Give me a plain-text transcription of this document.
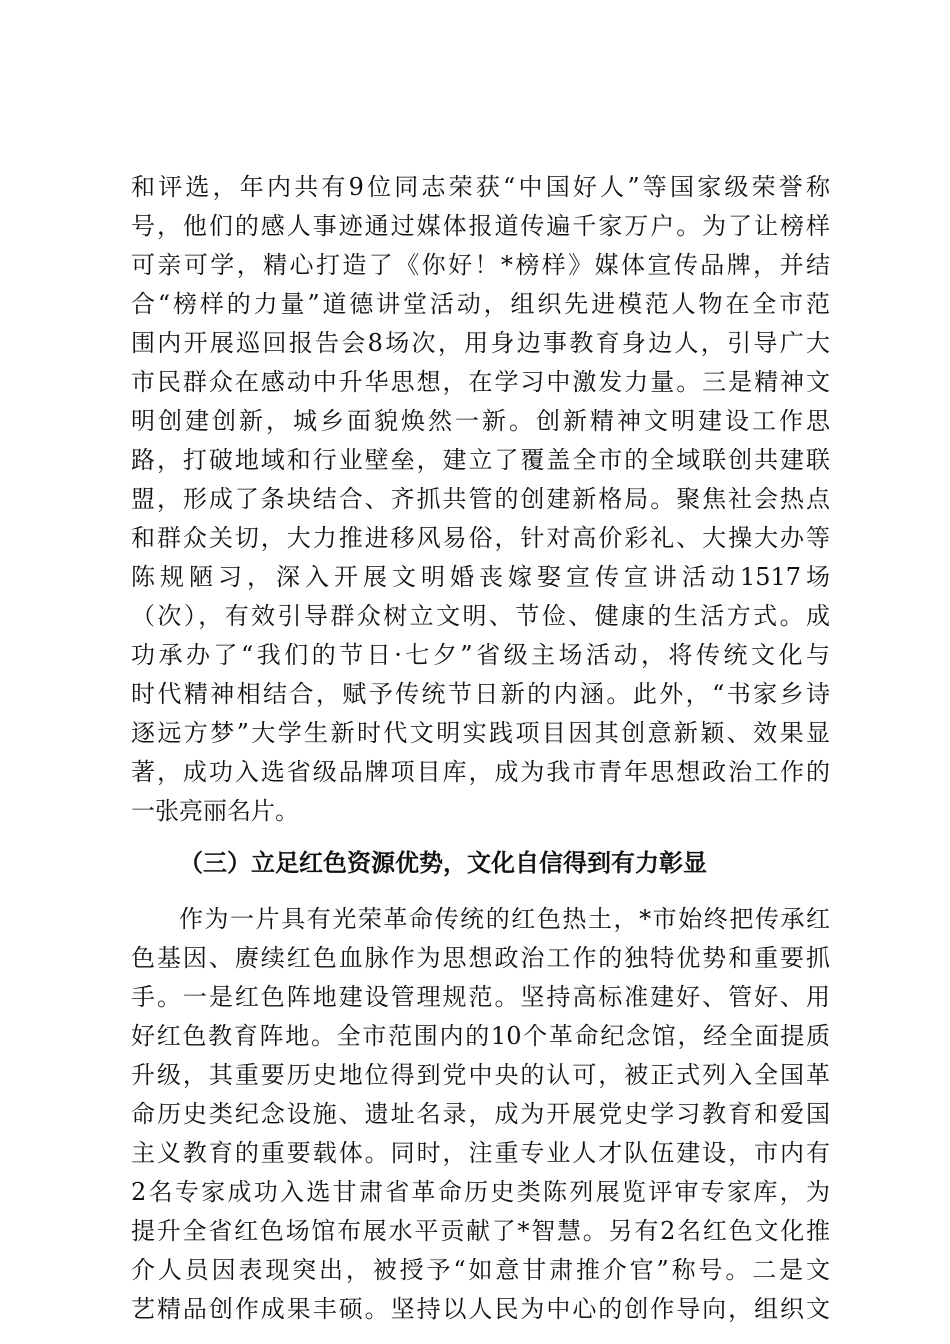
和评选，年内共有9位同志荣获“中国好人”等国家级荣誉称
号，他们的感人事迹通过媒体报道传遍千家万户。为了让榜样
可亲可学，精心打造了《你好！*榜样》媒体宣传品牌，并结
合“榜样的力量”道德讲堂活动，组织先进模范人物在全市范
围内开展巡回报告会8场次，用身边事教育身边人，引导广大
市民群众在感动中升华思想，在学习中激发力量。三是精神文
明创建创新，城乡面貌焕然一新。创新精神文明建设工作思
路，打破地域和行业壁垒，建立了覆盖全市的全域联创共建联
盟，形成了条块结合、齐抓共管的创建新格局。聚焦社会热点
和群众关切，大力推进移风易俗，针对高价彩礼、大操大办等
陈规陋习，深入开展文明婚丧嫁娶宣传宣讲活动1517场
（次），有效引导群众树立文明、节俭、健康的生活方式。成
功承办了“我们的节日·七夕”省级主场活动，将传统文化与
时代精神相结合，赋予传统节日新的内涵。此外，“书家乡诗
逐远方梦”大学生新时代文明实践项目因其创意新颖、效果显
著，成功入选省级品牌项目库，成为我市青年思想政治工作的
一张亮丽名片。
（三）立足红色资源优势，文化自信得到有力彰显
作为一片具有光荣革命传统的红色热土，*市始终把传承红
色基因、赓续红色血脉作为思想政治工作的独特优势和重要抓
手。一是红色阵地建设管理规范。坚持高标准建好、管好、用
好红色教育阵地。全市范围内的10个革命纪念馆，经全面提质
升级，其重要历史地位得到党中央的认可，被正式列入全国革
命历史类纪念设施、遗址名录，成为开展党史学习教育和爱国
主义教育的重要载体。同时，注重专业人才队伍建设，市内有
2名专家成功入选甘肃省革命历史类陈列展览评审专家库，为
提升全省红色场馆布展水平贡献了*智慧。另有2名红色文化推
介人员因表现突出，被授予“如意甘肃推介官”称号。二是文
艺精品创作成果丰硕。坚持以人民为中心的创作导向，组织文
